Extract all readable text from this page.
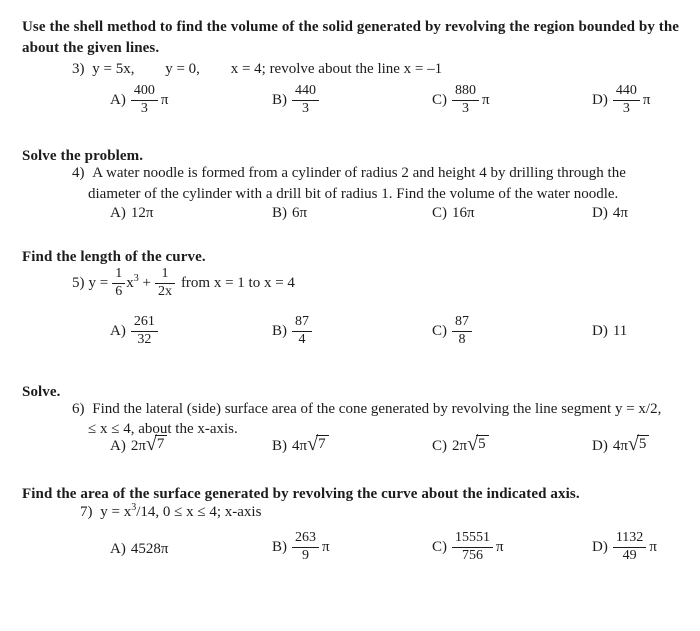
Use the shell method to find the volume of the solid generated by revolving the region bounded by the
about the given lines.
3) y = 5x, y = 0, x = 4; revolve about the line x = –1
$A) \frac{400}{3}$ π	$B) \frac{440}{3}$	$C) \frac{880}{3}$ π	$D) \frac{440}{3}$ π
Solve the problem.
4) A water noodle is formed from a cylinder of radius 2 and height 4 by drilling through the
diameter of the cylinder with a drill bit of radius 1. Find the volume of the water noodle.
A) 12π	B) 6π	C) 16π	D) 4π
Find the length of the curve.
5) $y = \frac{1}{6} x^3 + \frac{1}{2x}$ from x = 1 to x = 4
$A) \frac{261}{32}$	$B) \frac{87}{4}$	$C) \frac{87}{8}$	D) 11
Solve.
6) Find the lateral (side) surface area of the cone generated by revolving the line segment y = x/2,
≤ x ≤ 4, about the x-axis.
A) 2π √ 7	B) 4π √ 7	C) 2π √ 5	D) 4π √ 5
Find the area of the surface generated by revolving the curve about the indicated axis.
7) $y = x^3/14$, 0 ≤ x ≤ 4; x-axis
A) 4528π	$B) \frac{263}{9}$ π	$C) \frac{15551}{756}$ π	$D) \frac{1132}{49}$ π
